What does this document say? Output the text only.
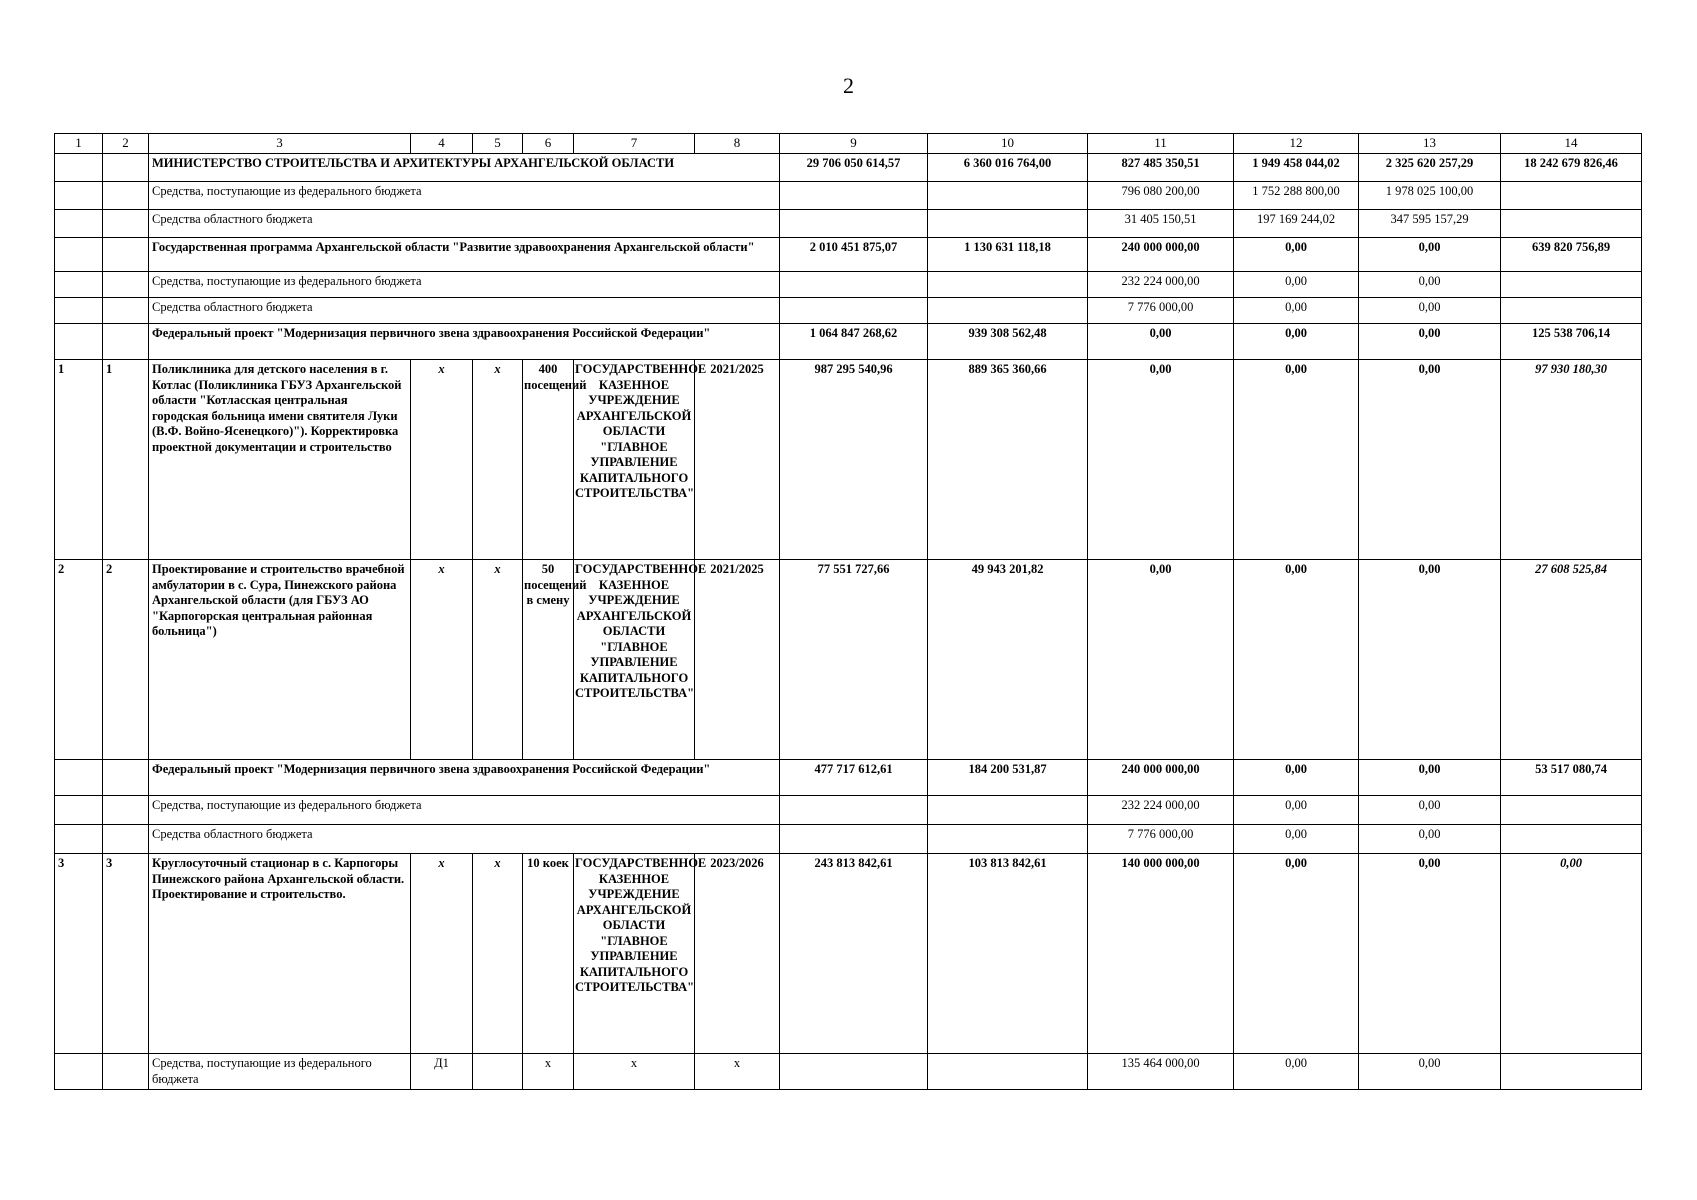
2
1	2	3	4	5	6	7	8	9	10	11	12	13	14
		МИНИСТЕРСТВО СТРОИТЕЛЬСТВА И АРХИТЕКТУРЫ АРХАНГЕЛЬСКОЙ ОБЛАСТИ						29 706 050 614,57	6 360 016 764,00	827 485 350,51	1 949 458 044,02	2 325 620 257,29	18 242 679 826,46
		Средства, поступающие из федерального бюджета								796 080 200,00	1 752 288 800,00	1 978 025 100,00	
		Средства областного бюджета								31 405 150,51	197 169 244,02	347 595 157,29	
		Государственная программа Архангельской области "Развитие здравоохранения Архангельской области"						2 010 451 875,07	1 130 631 118,18	240 000 000,00	0,00	0,00	639 820 756,89
		Средства, поступающие из федерального бюджета								232 224 000,00	0,00	0,00	
		Средства областного бюджета								7 776 000,00	0,00	0,00	
		Федеральный проект "Модернизация первичного звена здравоохранения Российской Федерации"						1 064 847 268,62	939 308 562,48	0,00	0,00	0,00	125 538 706,14
1	1	Поликлиника для детского населения в г. Котлас (Поликлиника ГБУЗ Архангельской области "Котласская центральная городская больница имени святителя Луки (В.Ф. Войно-Ясенецкого)"). Корректировка проектной документации и строительство	x	x	400 посещений	ГОСУДАРСТВЕННОЕ КАЗЕННОЕ УЧРЕЖДЕНИЕ АРХАНГЕЛЬСКОЙ ОБЛАСТИ "ГЛАВНОЕ УПРАВЛЕНИЕ КАПИТАЛЬНОГО СТРОИТЕЛЬСТВА"	2021/2025	987 295 540,96	889 365 360,66	0,00	0,00	0,00	97 930 180,30
2	2	Проектирование и строительство врачебной амбулатории в с. Сура, Пинежского района Архангельской области (для ГБУЗ АО "Карпогорская центральная районная больница")	x	x	50 посещений в смену	ГОСУДАРСТВЕННОЕ КАЗЕННОЕ УЧРЕЖДЕНИЕ АРХАНГЕЛЬСКОЙ ОБЛАСТИ "ГЛАВНОЕ УПРАВЛЕНИЕ КАПИТАЛЬНОГО СТРОИТЕЛЬСТВА"	2021/2025	77 551 727,66	49 943 201,82	0,00	0,00	0,00	27 608 525,84
		Федеральный проект "Модернизация первичного звена здравоохранения Российской Федерации"						477 717 612,61	184 200 531,87	240 000 000,00	0,00	0,00	53 517 080,74
		Средства, поступающие из федерального бюджета								232 224 000,00	0,00	0,00	
		Средства областного бюджета								7 776 000,00	0,00	0,00	
3	3	Круглосуточный стационар в с. Карпогоры Пинежского района Архангельской области. Проектирование и строительство.	x	x	10 коек	ГОСУДАРСТВЕННОЕ КАЗЕННОЕ УЧРЕЖДЕНИЕ АРХАНГЕЛЬСКОЙ ОБЛАСТИ "ГЛАВНОЕ УПРАВЛЕНИЕ КАПИТАЛЬНОГО СТРОИТЕЛЬСТВА"	2023/2026	243 813 842,61	103 813 842,61	140 000 000,00	0,00	0,00	0,00
		Средства, поступающие из федерального бюджета	Д1		x	x	x			135 464 000,00	0,00	0,00	
